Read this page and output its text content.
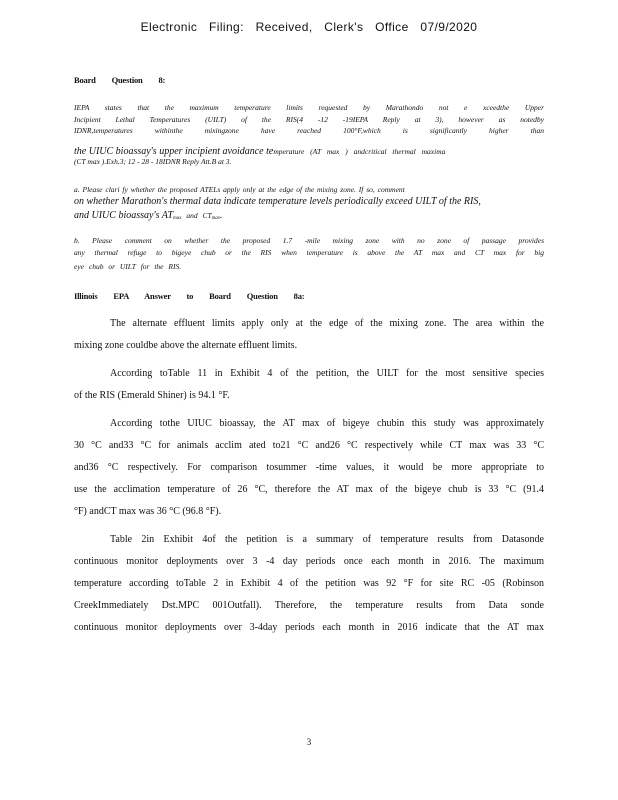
Electronic Filing: Received, Clerk's Office 07/9/2020
Board Question 8:
IEPA states that the maximum temperature limits requested by Marathondo not e xceedthe Upper
Incipient Lethal Temperatures (UILT) of the RIS(4 -12 -19IEPA Reply at 3), however as notedby
IDNR,temperatures withinthe mixingzone have reached 100°F,which is significantly higher than
the UIUC bioassay's upper incipient avoidance temperature (AT max ) andcritical thermal maxima
(CT max ).Exh.3; 12 - 28 - 18IDNR Reply Att.B at 3.
a. Please clari fy whether the proposed ATELs apply only at the edge of the mixing zone. If so, comment
on whether Marathon's thermal data indicate temperature levels periodically exceed UILT of the RIS,
and UIUC bioassay's $AT_{max}$ and $CT_{max}$.
b. Please comment on whether the proposed 1.7 -mile mixing zone with no zone of passage provides
any thermal refuge to bigeye chub or the RIS when temperature is above the AT max and CT max for big
eye chub or UILT for the RIS.
Illinois EPA Answer to Board Question 8a:
The alternate effluent limits apply only at the edge of the mixing zone. The area within the
mixing zone couldbe above the alternate effluent limits.
According toTable 11 in Exhibit 4 of the petition, the UILT for the most sensitive species
of the RIS (Emerald Shiner) is 94.1 °F.
According tothe UIUC bioassay, the AT max of bigeye chubin this study was approximately
30 °C and33 °C for animals acclim ated to21 °C and26 °C respectively while CT max was 33 °C
and36 °C respectively. For comparison tosummer -time values, it would be more appropriate to
use the acclimation temperature of 26 °C, therefore the AT max of the bigeye chub is 33 °C (91.4
°F) andCT max was 36 °C (96.8 °F).
Table 2in Exhibit 4of the petition is a summary of temperature results from Datasonde
continuous monitor deployments over 3 -4 day periods once each month in 2016. The maximum
temperature according toTable 2 in Exhibit 4 of the petition was 92 °F for site RC -05 (Robinson
CreekImmediately Dst.MPC 001Outfall). Therefore, the temperature results from Data sonde
continuous monitor deployments over 3-4day periods each month in 2016 indicate that the AT max
3
